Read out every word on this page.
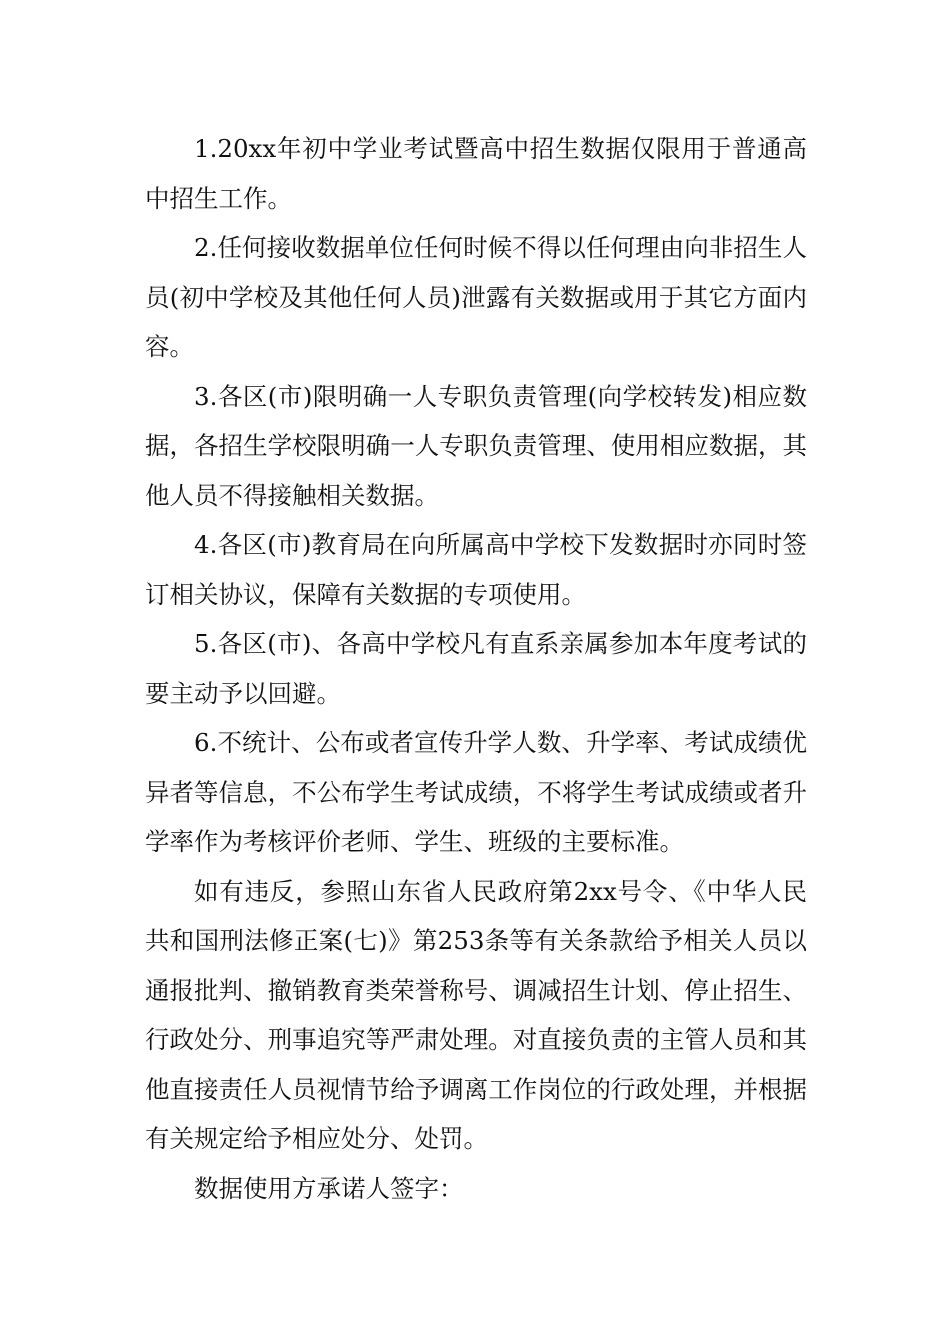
1.20xx年初中学业考试暨高中招生数据仅限用于普通高中招生工作。

2.任何接收数据单位任何时候不得以任何理由向非招生人员(初中学校及其他任何人员)泄露有关数据或用于其它方面内容。

3.各区(市)限明确一人专职负责管理(向学校转发)相应数据，各招生学校限明确一人专职负责管理、使用相应数据，其他人员不得接触相关数据。

4.各区(市)教育局在向所属高中学校下发数据时亦同时签订相关协议，保障有关数据的专项使用。

5.各区(市)、各高中学校凡有直系亲属参加本年度考试的要主动予以回避。

6.不统计、公布或者宣传升学人数、升学率、考试成绩优异者等信息，不公布学生考试成绩，不将学生考试成绩或者升学率作为考核评价老师、学生、班级的主要标准。

如有违反，参照山东省人民政府第2xx号令、《中华人民共和国刑法修正案(七)》第253条等有关条款给予相关人员以通报批判、撤销教育类荣誉称号、调减招生计划、停止招生、行政处分、刑事追究等严肃处理。对直接负责的主管人员和其他直接责任人员视情节给予调离工作岗位的行政处理，并根据有关规定给予相应处分、处罚。

数据使用方承诺人签字：
